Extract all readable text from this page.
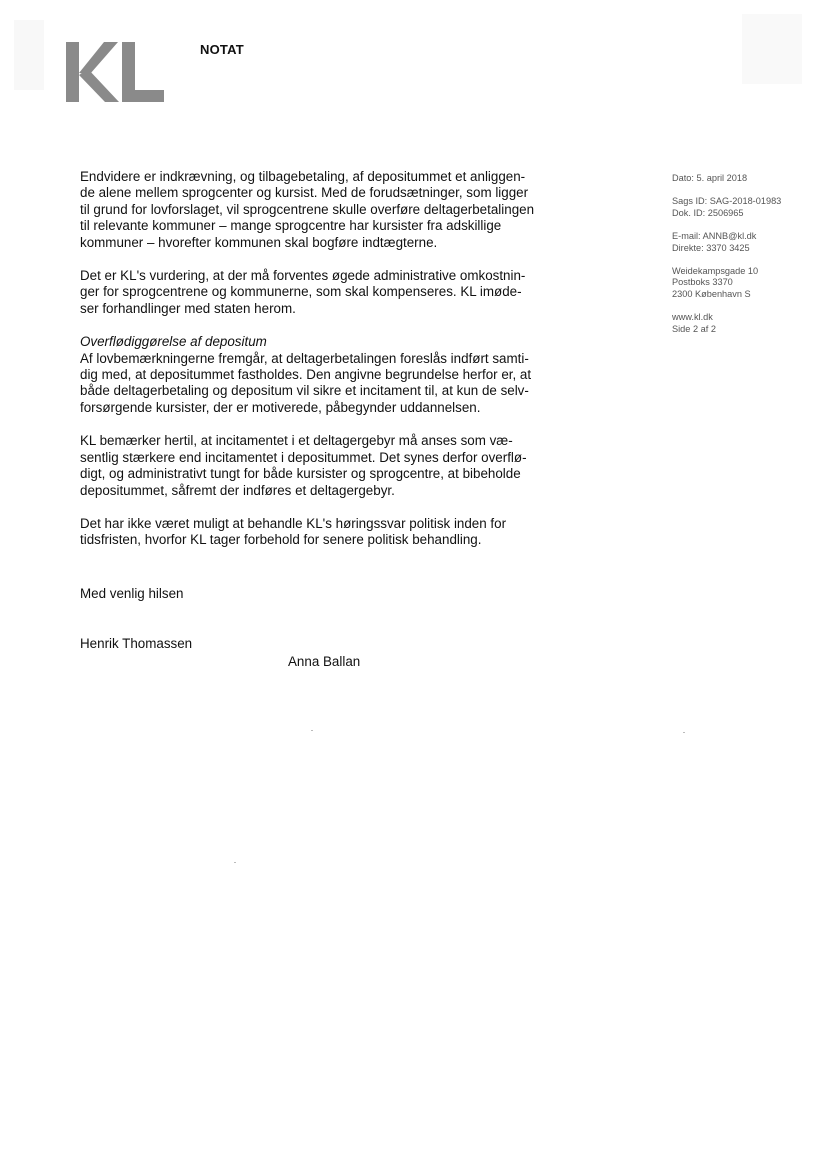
NOTAT

Endvidere er indkrævning, og tilbagebetaling, af depositummet et anliggen-
de alene mellem sprogcenter og kursist. Med de forudsætninger, som ligger
til grund for lovforslaget, vil sprogcentrene skulle overføre deltagerbetalingen
til relevante kommuner – mange sprogcentre har kursister fra adskillige
kommuner – hvorefter kommunen skal bogføre indtægterne.

Det er KL's vurdering, at der må forventes øgede administrative omkostnin-
ger for sprogcentrene og kommunerne, som skal kompenseres. KL imøde-
ser forhandlinger med staten herom.

Overflødiggørelse af depositum
Af lovbemærkningerne fremgår, at deltagerbetalingen foreslås indført samti-
dig med, at depositummet fastholdes. Den angivne begrundelse herfor er, at
både deltagerbetaling og depositum vil sikre et incitament til, at kun de selv-
forsørgende kursister, der er motiverede, påbegynder uddannelsen.

KL bemærker hertil, at incitamentet i et deltagergebyr må anses som væ-
sentlig stærkere end incitamentet i depositummet. Det synes derfor overflø-
digt, og administrativt tungt for både kursister og sprogcentre, at bibeholde
depositummet, såfremt der indføres et deltagergebyr.

Det har ikke været muligt at behandle KL's høringssvar politisk inden for
tidsfristen, hvorfor KL tager forbehold for senere politisk behandling.

Dato: 5. april 2018
Sags ID: SAG-2018-01983
Dok. ID: 2506965
E-mail: ANNB@kl.dk
Direkte: 3370 3425
Weidekampsgade 10
Postboks 3370
2300 København S
www.kl.dk
Side 2 af 2
Med venlig hilsen
Henrik Thomassen
Anna Ballan
